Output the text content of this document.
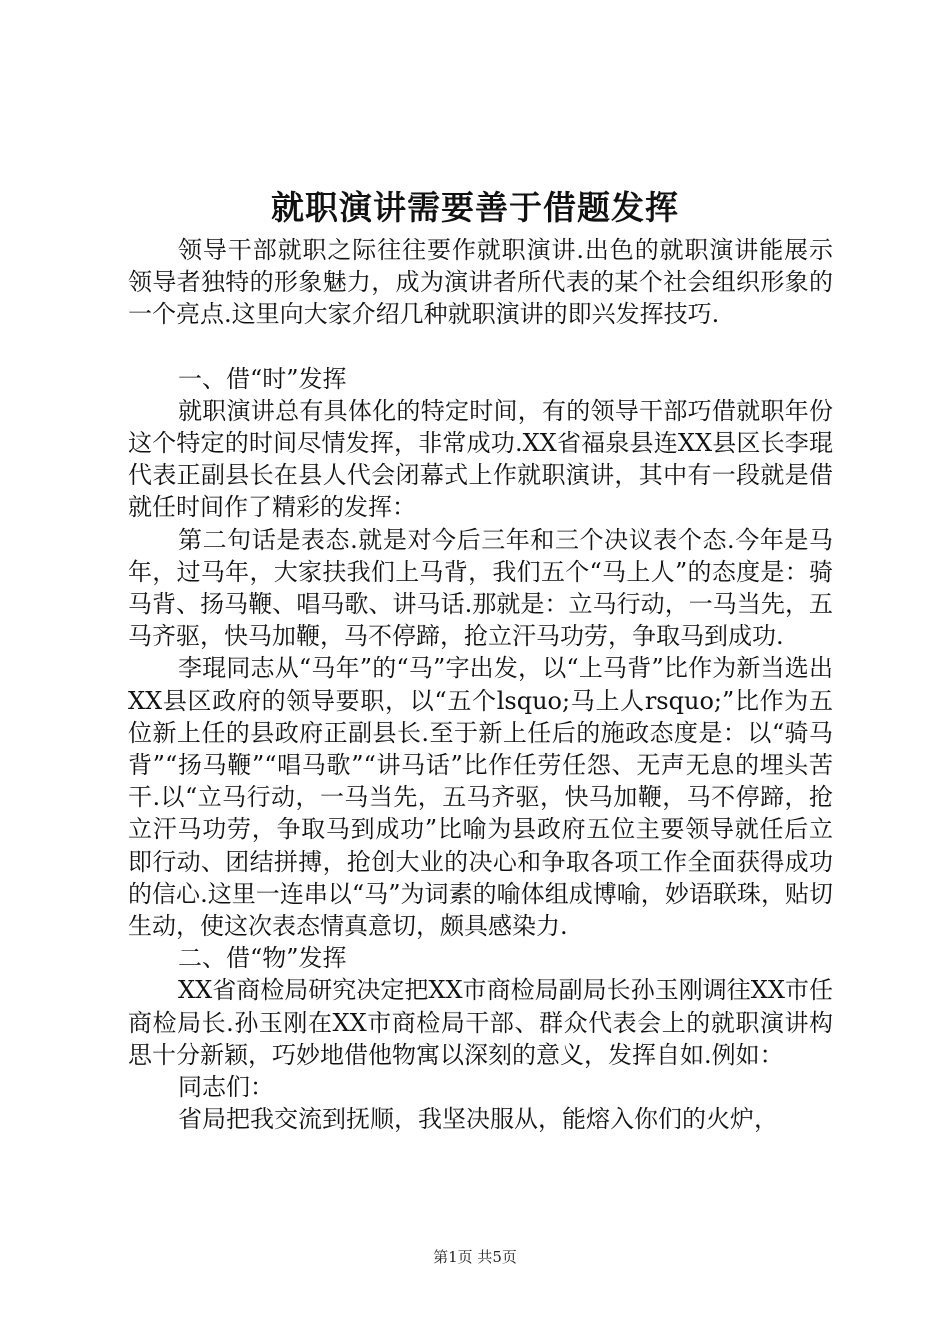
就职演讲需要善于借题发挥

领导干部就职之际往往要作就职演讲.出色的就职演讲能展示领导者独特的形象魅力，成为演讲者所代表的某个社会组织形象的一个亮点.这里向大家介绍几种就职演讲的即兴发挥技巧.

一、借“时”发挥

就职演讲总有具体化的特定时间，有的领导干部巧借就职年份这个特定的时间尽情发挥，非常成功.XX省福泉县连XX县区长李琨代表正副县长在县人代会闭幕式上作就职演讲，其中有一段就是借就任时间作了精彩的发挥：

第二句话是表态.就是对今后三年和三个决议表个态.今年是马年，过马年，大家扶我们上马背，我们五个“马上人”的态度是：骑马背、扬马鞭、唱马歌、讲马话.那就是：立马行动，一马当先，五马齐驱，快马加鞭，马不停蹄，抢立汗马功劳，争取马到成功.

李琨同志从“马年”的“马”字出发，以“上马背”比作为新当选出XX县区政府的领导要职，以“五个lsquo;马上人rsquo;”比作为五位新上任的县政府正副县长.至于新上任后的施政态度是：以“骑马背”“扬马鞭”“唱马歌”“讲马话”比作任劳任怨、无声无息的埋头苦干.以“立马行动，一马当先，五马齐驱，快马加鞭，马不停蹄，抢立汗马功劳，争取马到成功”比喻为县政府五位主要领导就任后立即行动、团结拼搏，抢创大业的决心和争取各项工作全面获得成功的信心.这里一连串以“马”为词素的喻体组成博喻，妙语联珠，贴切生动，使这次表态情真意切，颇具感染力.

二、借“物”发挥

XX省商检局研究决定把XX市商检局副局长孙玉刚调往XX市任商检局长.孙玉刚在XX市商检局干部、群众代表会上的就职演讲构思十分新颖，巧妙地借他物寓以深刻的意义，发挥自如.例如：

同志们：

省局把我交流到抚顺，我坚决服从，能熔入你们的火炉，

第1页 共5页
